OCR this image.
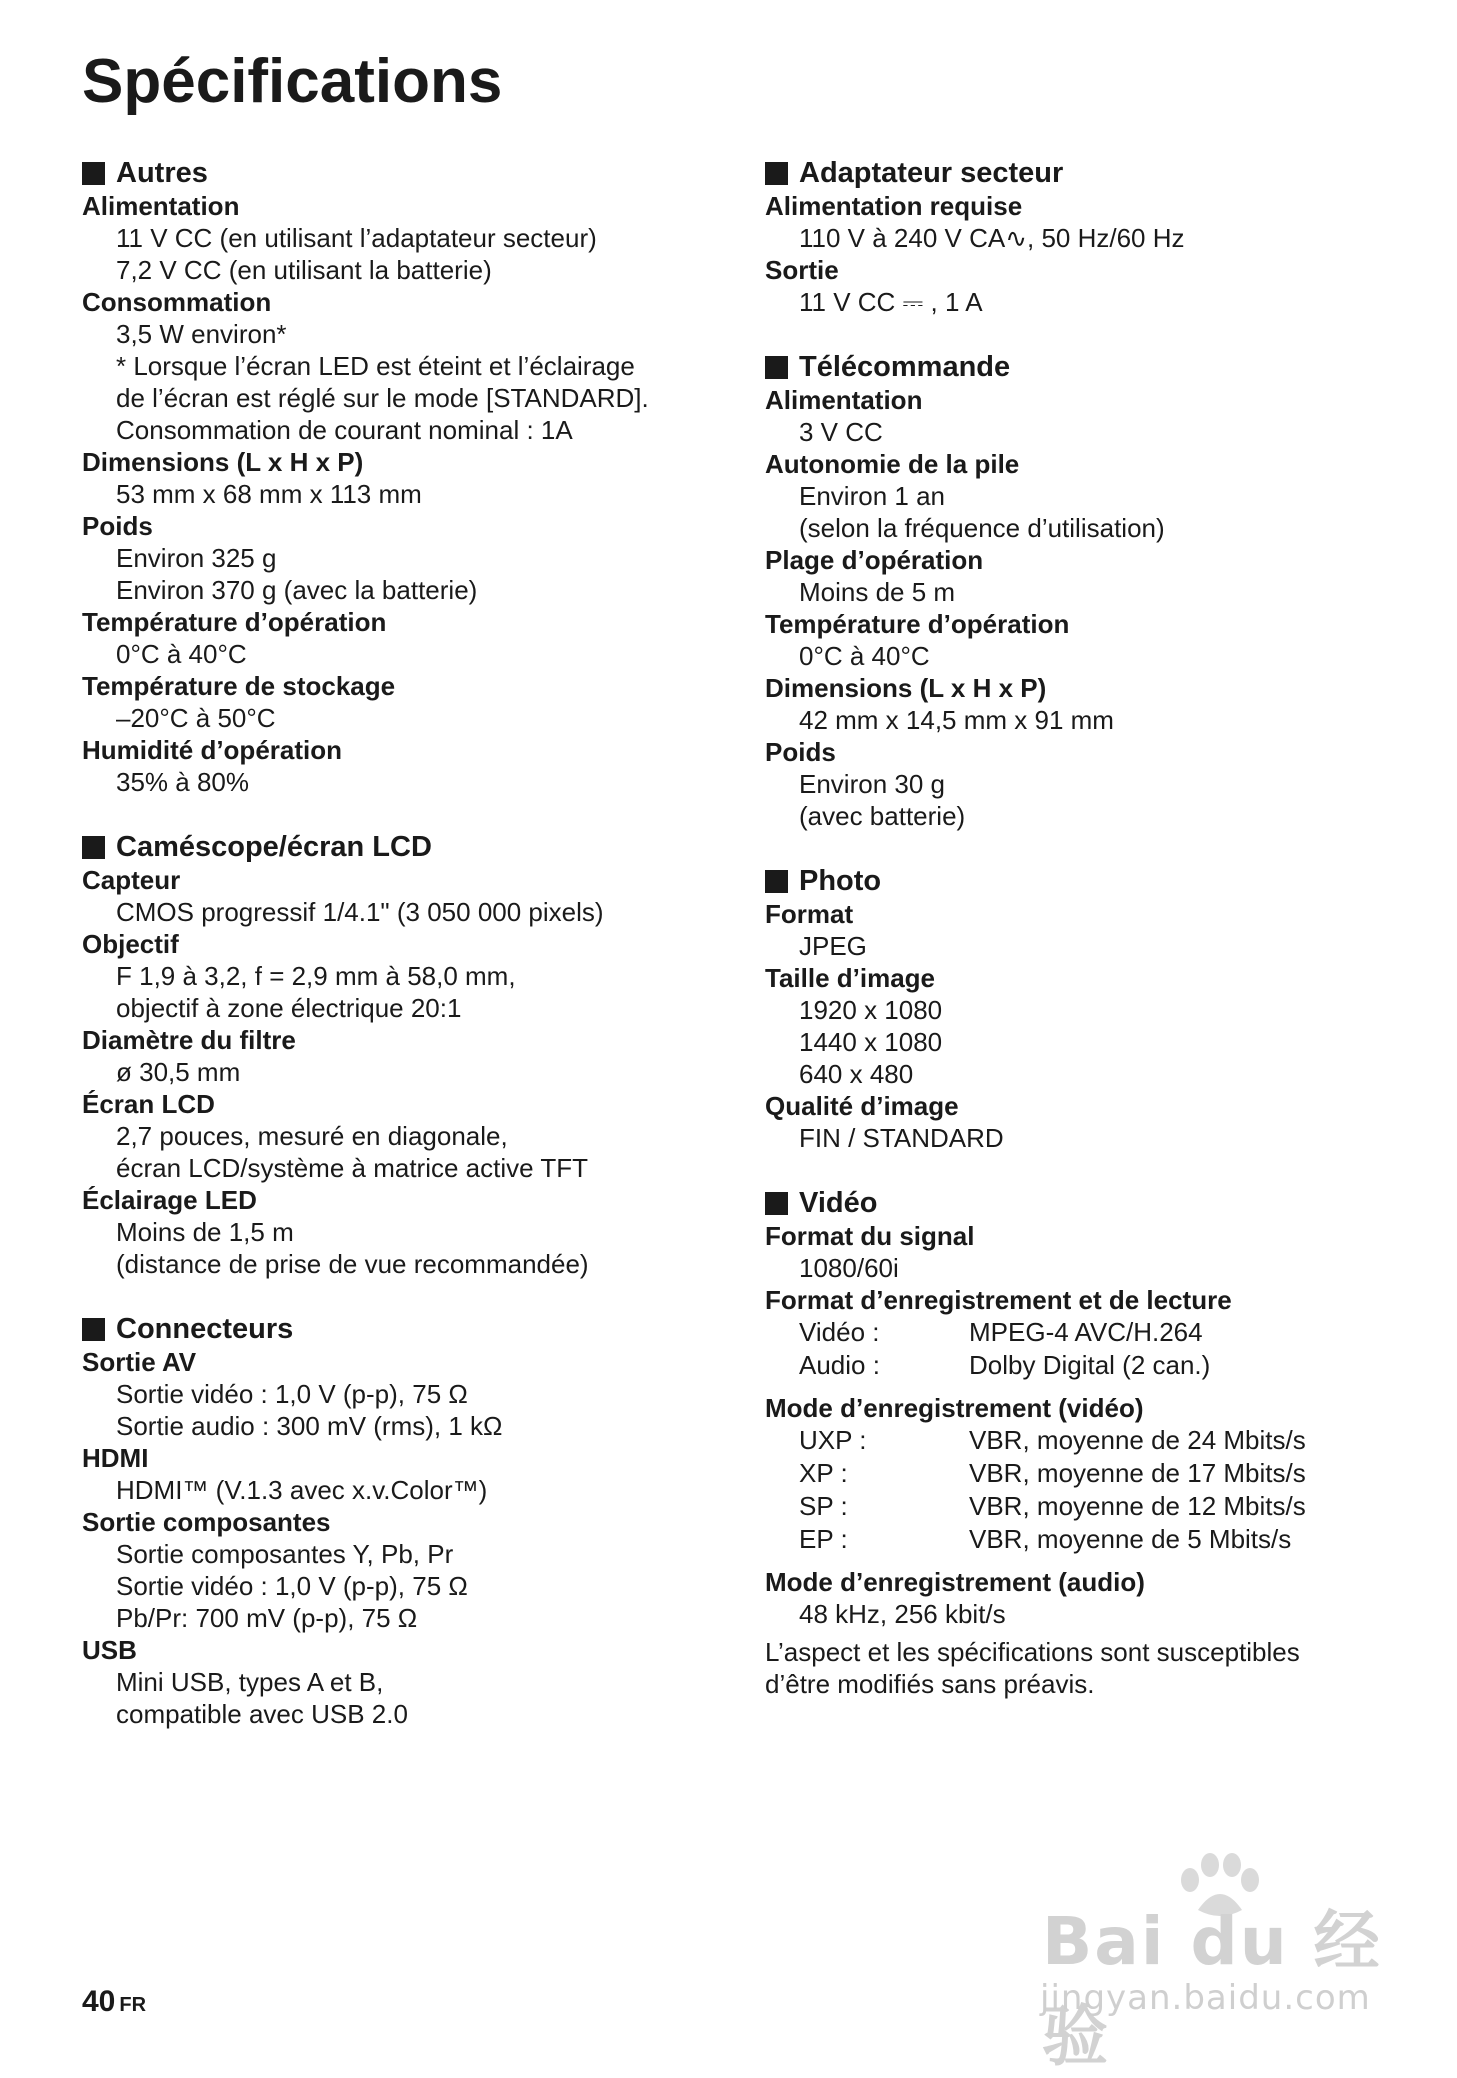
Spécifications
Autres
Alimentation
11 V CC (en utilisant l’adaptateur secteur)
7,2 V CC (en utilisant la batterie)
Consommation
3,5 W environ*
* Lorsque l’écran LED est éteint et l’éclairage
de l’écran est réglé sur le mode [STANDARD].
Consommation de courant nominal : 1A
Dimensions (L x H x P)
53 mm x 68 mm x 113 mm
Poids
Environ 325 g
Environ 370 g (avec la batterie)
Température d’opération
0°C à 40°C
Température de stockage
–20°C à 50°C
Humidité d’opération
35% à 80%
Caméscope/écran LCD
Capteur
CMOS progressif 1/4.1" (3 050 000 pixels)
Objectif
F 1,9 à 3,2, f = 2,9 mm à 58,0 mm,
objectif à zone électrique 20:1
Diamètre du filtre
ø 30,5 mm
Écran LCD
2,7 pouces, mesuré en diagonale,
écran LCD/système à matrice active TFT
Éclairage LED
Moins de 1,5 m
(distance de prise de vue recommandée)
Connecteurs
Sortie AV
Sortie vidéo : 1,0 V (p-p), 75 Ω
Sortie audio : 300 mV (rms), 1 kΩ
HDMI
HDMI™ (V.1.3 avec x.v.Color™)
Sortie composantes
Sortie composantes Y, Pb, Pr
Sortie vidéo : 1,0 V (p-p), 75 Ω
Pb/Pr: 700 mV (p-p), 75 Ω
USB
Mini USB, types A et B,
compatible avec USB 2.0
Adaptateur secteur
Alimentation requise
110 V à 240 V CA∿, 50 Hz/60 Hz
Sortie
11 V CC ⎓ , 1 A
Télécommande
Alimentation
3 V CC
Autonomie de la pile
Environ 1 an
(selon la fréquence d’utilisation)
Plage d’opération
Moins de 5 m
Température d’opération
0°C à 40°C
Dimensions (L x H x P)
42 mm x 14,5 mm x 91 mm
Poids
Environ 30 g
(avec batterie)
Photo
Format
JPEG
Taille d’image
1920 x 1080
1440 x 1080
640 x 480
Qualité d’image
FIN / STANDARD
Vidéo
Format du signal
1080/60i
Format d’enregistrement et de lecture
Vidéo :	MPEG-4 AVC/H.264
Audio :	Dolby Digital (2 can.)
Mode d’enregistrement (vidéo)
UXP :	VBR, moyenne de 24 Mbits/s
XP :	VBR, moyenne de 17 Mbits/s
SP :	VBR, moyenne de 12 Mbits/s
EP :	VBR, moyenne de 5 Mbits/s
Mode d’enregistrement (audio)
48 kHz, 256 kbit/s
L’aspect et les spécifications sont susceptibles
d’être modifiés sans préavis.
40 FR
Bai du 经验
jingyan.baidu.com
